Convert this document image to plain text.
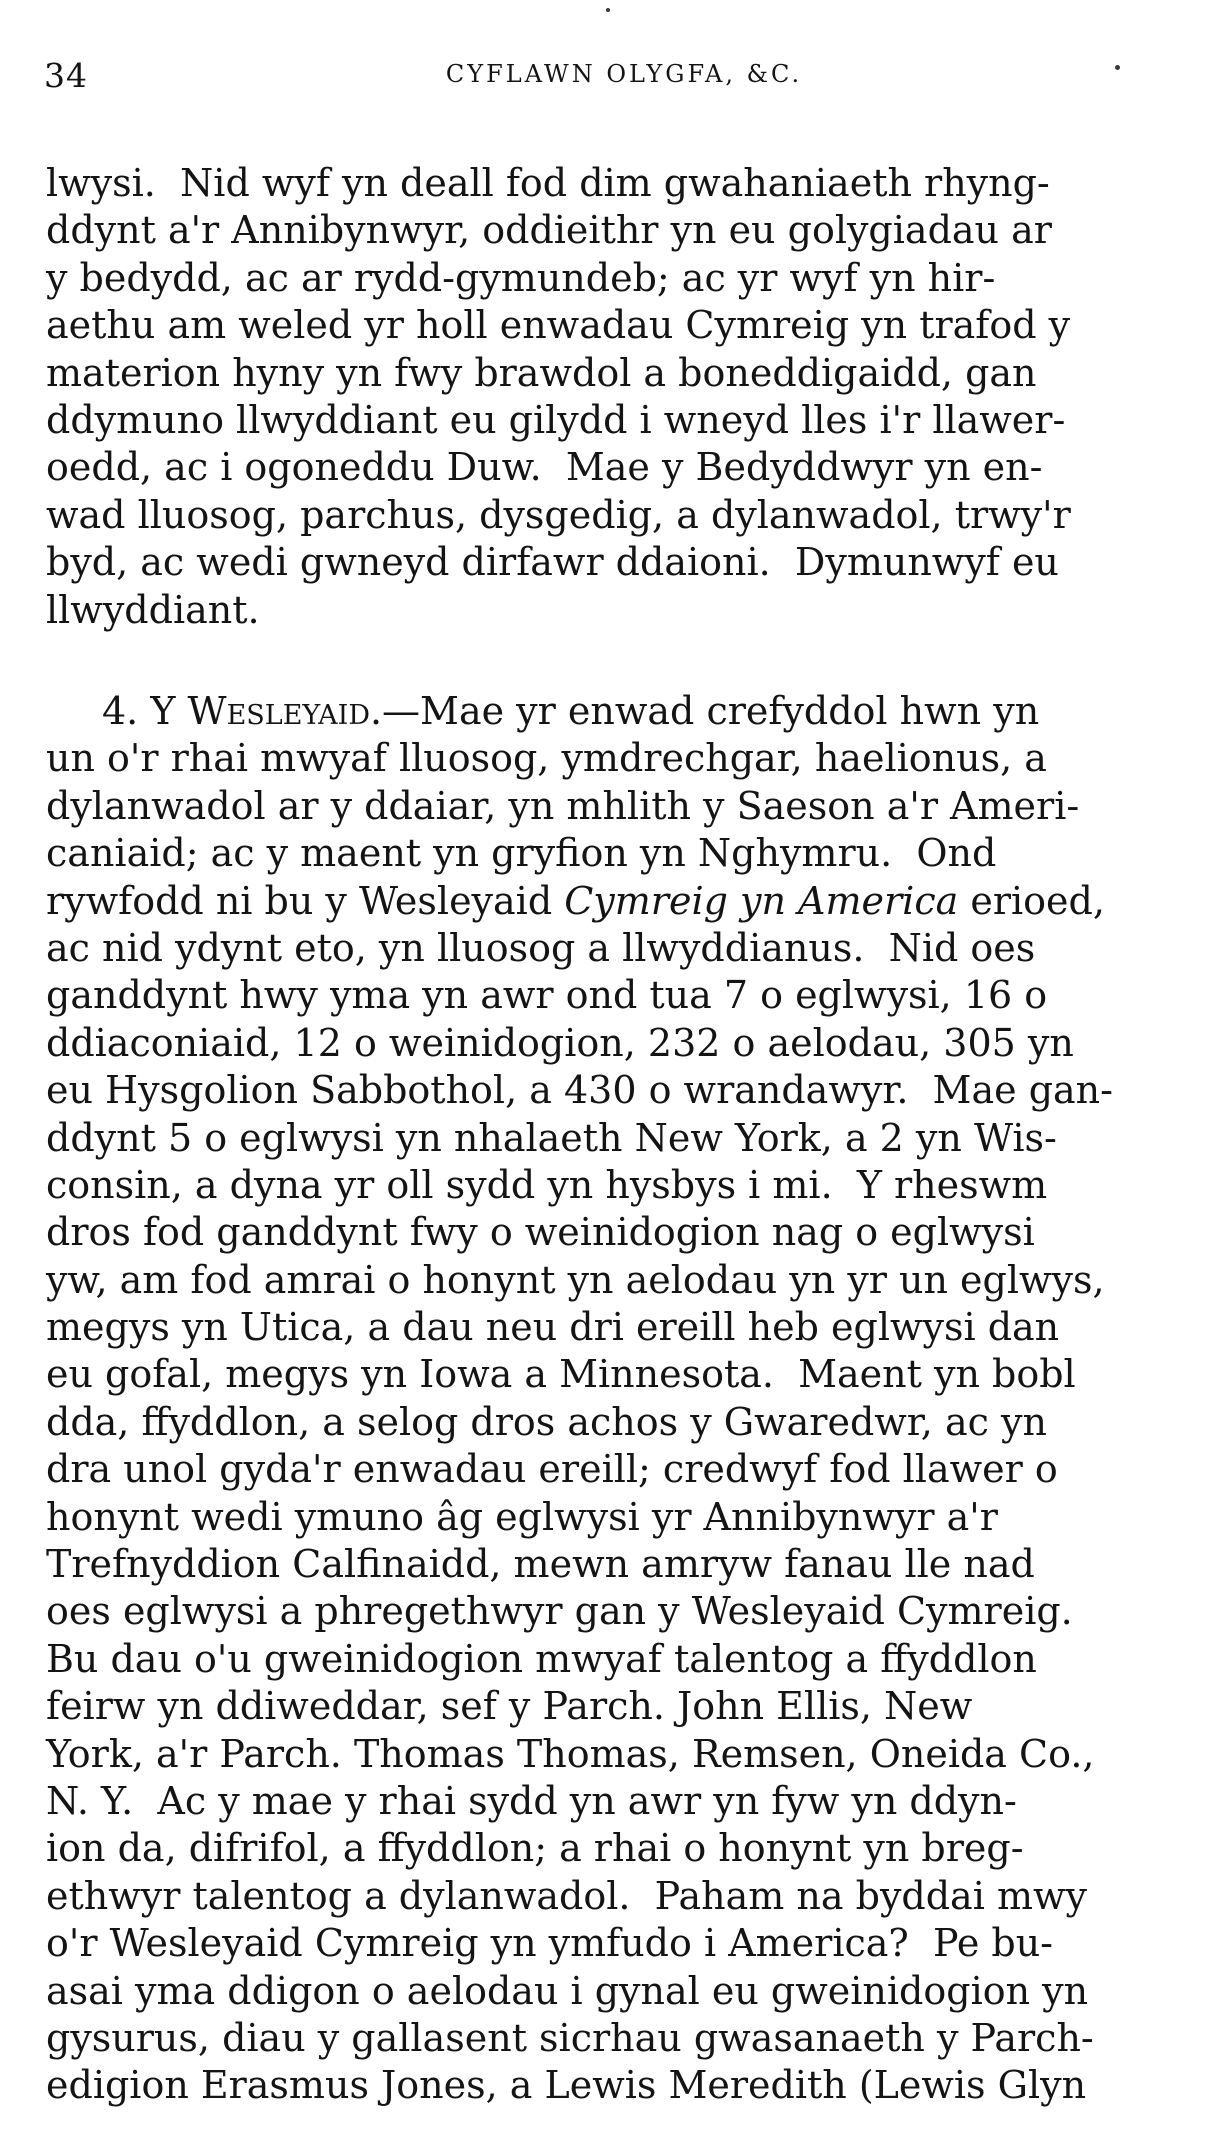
34	CYFLAWN OLYGFA, &C.
lwysi.  Nid wyf yn deall fod dim gwahaniaeth rhyng-
ddynt a'r Annibynwyr, oddieithr yn eu golygiadau ar
y bedydd, ac ar rydd-gymundeb; ac yr wyf yn hir-
aethu am weled yr holl enwadau Cymreig yn trafod y
materion hyny yn fwy brawdol a boneddigaidd, gan
ddymuno llwyddiant eu gilydd i wneyd lles i'r llawer-
oedd, ac i ogoneddu Duw.  Mae y Bedyddwyr yn en-
wad lluosog, parchus, dysgedig, a dylanwadol, trwy'r
byd, ac wedi gwneyd dirfawr ddaioni.  Dymunwyf eu
llwyddiant.
4. Y Wesleyaid.—Mae yr enwad crefyddol hwn yn
un o'r rhai mwyaf lluosog, ymdrechgar, haelionus, a
dylanwadol ar y ddaiar, yn mhlith y Saeson a'r Ameri-
caniaid; ac y maent yn gryfion yn Nghymru.  Ond
rywfodd ni bu y Wesleyaid Cymreig yn America erioed,
ac nid ydynt eto, yn lluosog a llwyddianus.  Nid oes
ganddynt hwy yma yn awr ond tua 7 o eglwysi, 16 o
ddiaconiaid, 12 o weinidogion, 232 o aelodau, 305 yn
eu Hysgolion Sabbothol, a 430 o wrandawyr.  Mae gan-
ddynt 5 o eglwysi yn nhalaeth New York, a 2 yn Wis-
consin, a dyna yr oll sydd yn hysbys i mi.  Y rheswm
dros fod ganddynt fwy o weinidogion nag o eglwysi
yw, am fod amrai o honynt yn aelodau yn yr un eglwys,
megys yn Utica, a dau neu dri ereill heb eglwysi dan
eu gofal, megys yn Iowa a Minnesota.  Maent yn bobl
dda, ffyddlon, a selog dros achos y Gwaredwr, ac yn
dra unol gyda'r enwadau ereill; credwyf fod llawer o
honynt wedi ymuno âg eglwysi yr Annibynwyr a'r
Trefnyddion Calfinaidd, mewn amryw fanau lle nad
oes eglwysi a phregethwyr gan y Wesleyaid Cymreig.
Bu dau o'u gweinidogion mwyaf talentog a ffyddlon
feirw yn ddiweddar, sef y Parch. John Ellis, New
York, a'r Parch. Thomas Thomas, Remsen, Oneida Co.,
N. Y.  Ac y mae y rhai sydd yn awr yn fyw yn ddyn-
ion da, difrifol, a ffyddlon; a rhai o honynt yn breg-
ethwyr talentog a dylanwadol.  Paham na byddai mwy
o'r Wesleyaid Cymreig yn ymfudo i America?  Pe bu-
asai yma ddigon o aelodau i gynal eu gweinidogion yn
gysurus, diau y gallasent sicrhau gwasanaeth y Parch-
edigion Erasmus Jones, a Lewis Meredith (Lewis Glyn
